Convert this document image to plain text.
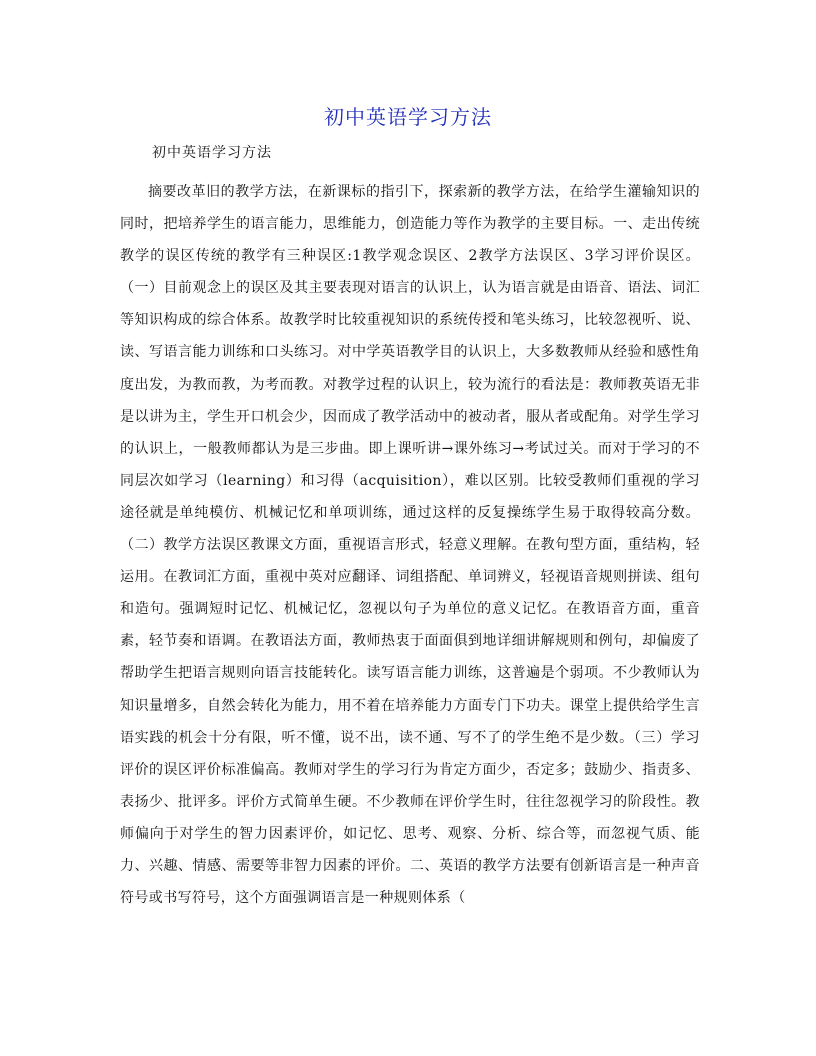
初中英语学习方法
初中英语学习方法
摘要改革旧的教学方法，在新课标的指引下，探索新的教学方法，在给学生灌输知识的同时，把培养学生的语言能力，思维能力，创造能力等作为教学的主要目标。一、走出传统教学的误区传统的教学有三种误区:1教学观念误区、2教学方法误区、3学习评价误区。（一）目前观念上的误区及其主要表现对语言的认识上，认为语言就是由语音、语法、词汇等知识构成的综合体系。故教学时比较重视知识的系统传授和笔头练习，比较忽视听、说、读、写语言能力训练和口头练习。对中学英语教学目的认识上，大多数教师从经验和感性角度出发，为教而教，为考而教。对教学过程的认识上，较为流行的看法是：教师教英语无非是以讲为主，学生开口机会少，因而成了教学活动中的被动者，服从者或配角。对学生学习的认识上，一般教师都认为是三步曲。即上课听讲→课外练习→考试过关。而对于学习的不同层次如学习（learning）和习得（acquisition），难以区别。比较受教师们重视的学习途径就是单纯模仿、机械记忆和单项训练，通过这样的反复操练学生易于取得较高分数。（二）教学方法误区教课文方面，重视语言形式，轻意义理解。在教句型方面，重结构，轻运用。在教词汇方面，重视中英对应翻译、词组搭配、单词辨义，轻视语音规则拼读、组句和造句。强调短时记忆、机械记忆，忽视以句子为单位的意义记忆。在教语音方面，重音素，轻节奏和语调。在教语法方面，教师热衷于面面俱到地详细讲解规则和例句，却偏废了帮助学生把语言规则向语言技能转化。读写语言能力训练，这普遍是个弱项。不少教师认为知识量增多，自然会转化为能力，用不着在培养能力方面专门下功夫。课堂上提供给学生言语实践的机会十分有限，听不懂，说不出，读不通、写不了的学生绝不是少数。（三）学习评价的误区评价标准偏高。教师对学生的学习行为肯定方面少，否定多；鼓励少、指责多、表扬少、批评多。评价方式简单生硬。不少教师在评价学生时，往往忽视学习的阶段性。教师偏向于对学生的智力因素评价，如记忆、思考、观察、分析、综合等，而忽视气质、能力、兴趣、情感、需要等非智力因素的评价。二、英语的教学方法要有创新语言是一种声音符号或书写符号，这个方面强调语言是一种规则体系（
